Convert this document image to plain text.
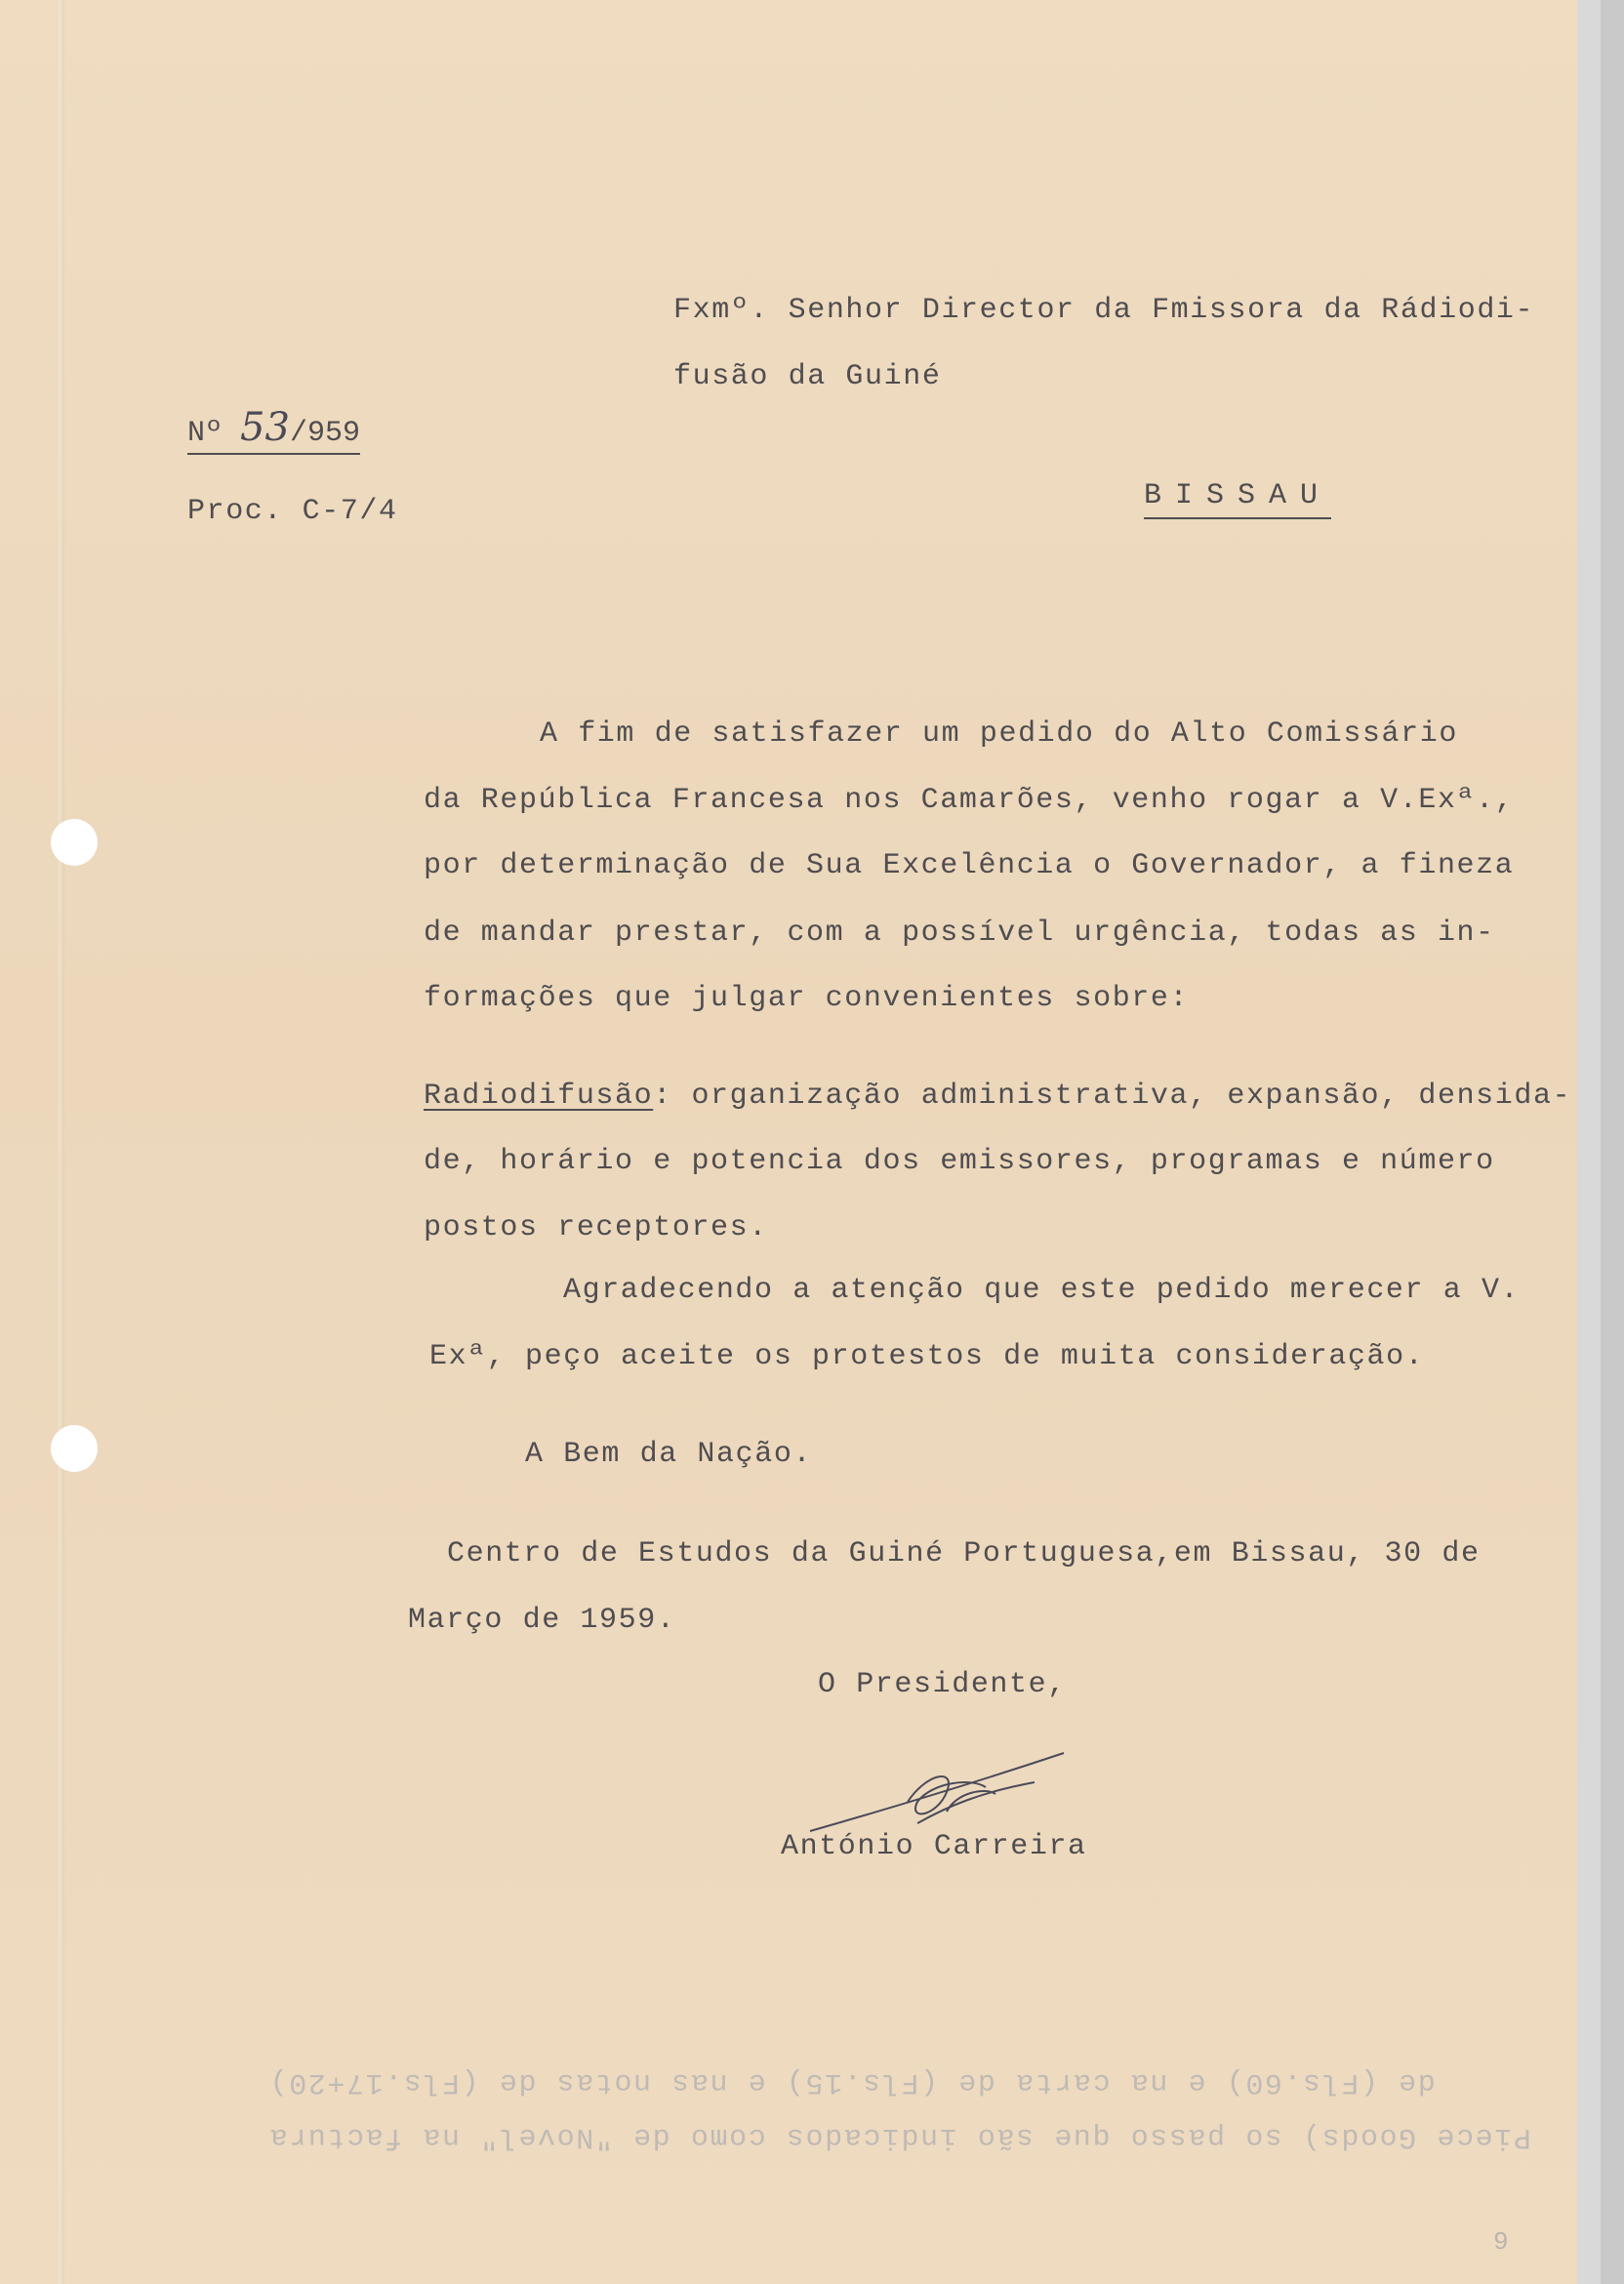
Fxmº. Senhor Director da Fmissora da Rádiodi-

fusão da Guiné

Nº 53/959

Proc. C-7/4	BISSAU

A fim de satisfazer um pedido do Alto Comissário

da República Francesa nos Camarões, venho rogar a V.Exª.,

por determinação de Sua Excelência o Governador, a fineza

de mandar prestar, com a possível urgência, todas as in-

formações que julgar convenientes sobre:

Radiodifusão: organização administrativa, expansão, densida-

de, horário e potencia dos emissores, programas e número

postos receptores.

Agradecendo a atenção que este pedido merecer a V.

Exª, peço aceite os protestos de muita consideração.

A Bem da Nação.

Centro de Estudos da Guiné Portuguesa,em Bissau, 30 de

Março de 1959.

O Presidente,

António Carreira

Piece Goods) so passo que são indicados como de "Novel" na factura
de (Fls.60) e na carta de (Fls.15) e nas notas de (Fls.17+20)
9
